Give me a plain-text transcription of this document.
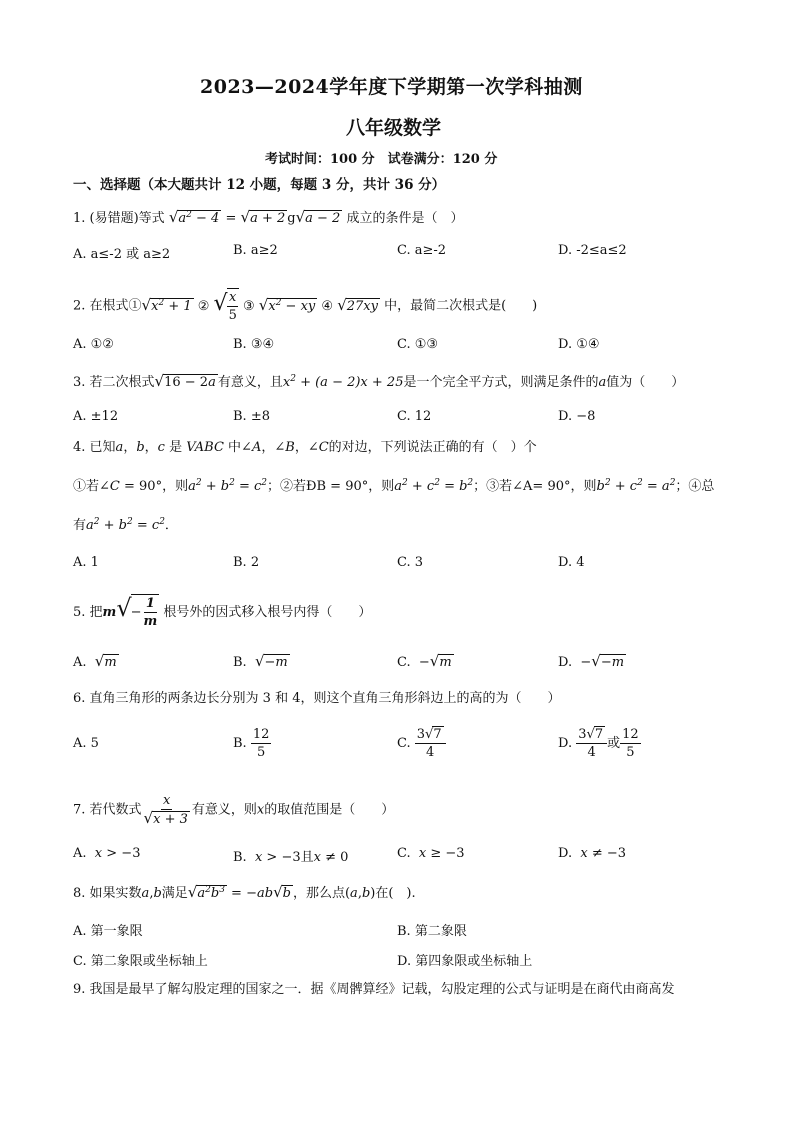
2023—2024学年度下学期第一次学科抽测
八年级数学
考试时间：100 分　试卷满分：120 分
一、选择题（本大题共计 12 小题，每题 3 分，共计 36 分）
1. (易错题)等式 $√a^2 - 4 = √a + 2$ g√a − 2 成立的条件是（　）
A. a≤-2 或 a≥2	B. a≥2	C. a≥-2	D. -2≤a≤2
2. 在根式$①√x^2 + 1$ ② √ $\frac{x}{5}$ ③ $√x^2$ − xy ④ √27xy 中，最简二次根式是(　　)
A. ①②	B. ③④	C. ①③	D. ①④
3. 若二次根式√16 − 2a 有意义，且$x^2 + (a - 2)x + 25$是一个完全平方式，则满足条件的a值为（　　）
A. ±12	B. ±8	C. 12	D. −8
4. 已知a，b，c 是 VABC 中∠A，∠B，∠C的对边，下列说法正确的有（　）个
①若∠C = 90°，则$a^2 + b^2 = c^2$；②若ÐB = 90°，则$a^2 + c^2 = b^2$；③若∠A= 90°，则$b^2 + c^2 = a^2$；④总
有$a^2 + b^2 = c^2$．
A. 1	B. 2	C. 3	D. 4
5. 把$m√- \frac{1}{m}$ 根号外的因式移入根号内得（　　）
A. √m	B. √−m	C.  −√m	D.  −√−m
6. 直角三角形的两条边长分别为 3 和 4，则这个直角三角形斜边上的高的为（　　）
A. 5	B. $\frac{12}{5}$	C. $\frac{3√7}{4}$	D. $\frac{3√7}{4}$ 或 $\frac{12}{5}$
7. 若代数式 $\frac{x}{√x + 3}$ 有意义，则x的取值范围是（　　）
A. x > −3	B. x > −3且x ≠ 0	C. x ≥ −3	D. x ≠ −3
8. 如果实数a,b满足$√a^2b^3 = -ab√b$ ，那么点(a,b)在(　).
A. 第一象限	B. 第二象限
C. 第二象限或坐标轴上	D. 第四象限或坐标轴上
9. 我国是最早了解勾股定理的国家之一．据《周髀算经》记载，勾股定理的公式与证明是在商代由商高发
